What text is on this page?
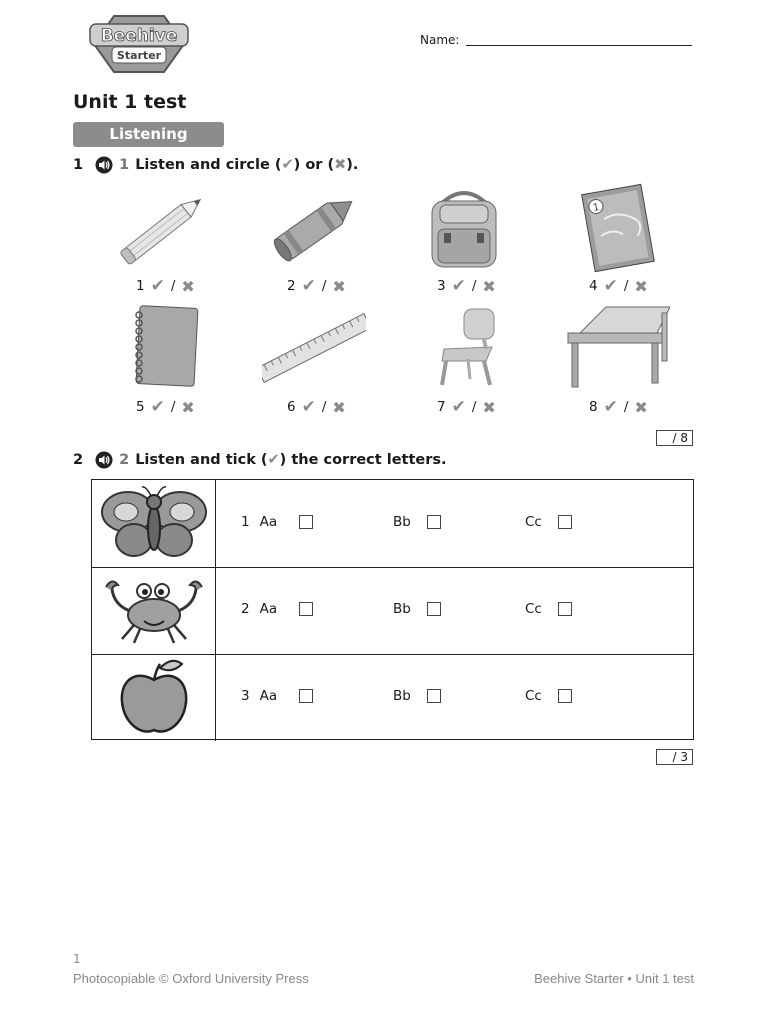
Beehive
Starter
Name:
Unit 1 test
Listening
1 1 Listen and circle (✔) or (✖).
1
1 ✔ / ✖	2 ✔ / ✖	3 ✔ / ✖	4 ✔ / ✖
5 ✔ / ✖	6 ✔ / ✖	7 ✔ / ✖	8 ✔ / ✖
/ 8
2 2 Listen and tick (✔) the correct letters.
1 Aa	Bb	Cc
2 Aa	Bb	Cc
3 Aa	Bb	Cc
/ 3
1
Photocopiable © Oxford University Press	Beehive Starter • Unit 1 test
